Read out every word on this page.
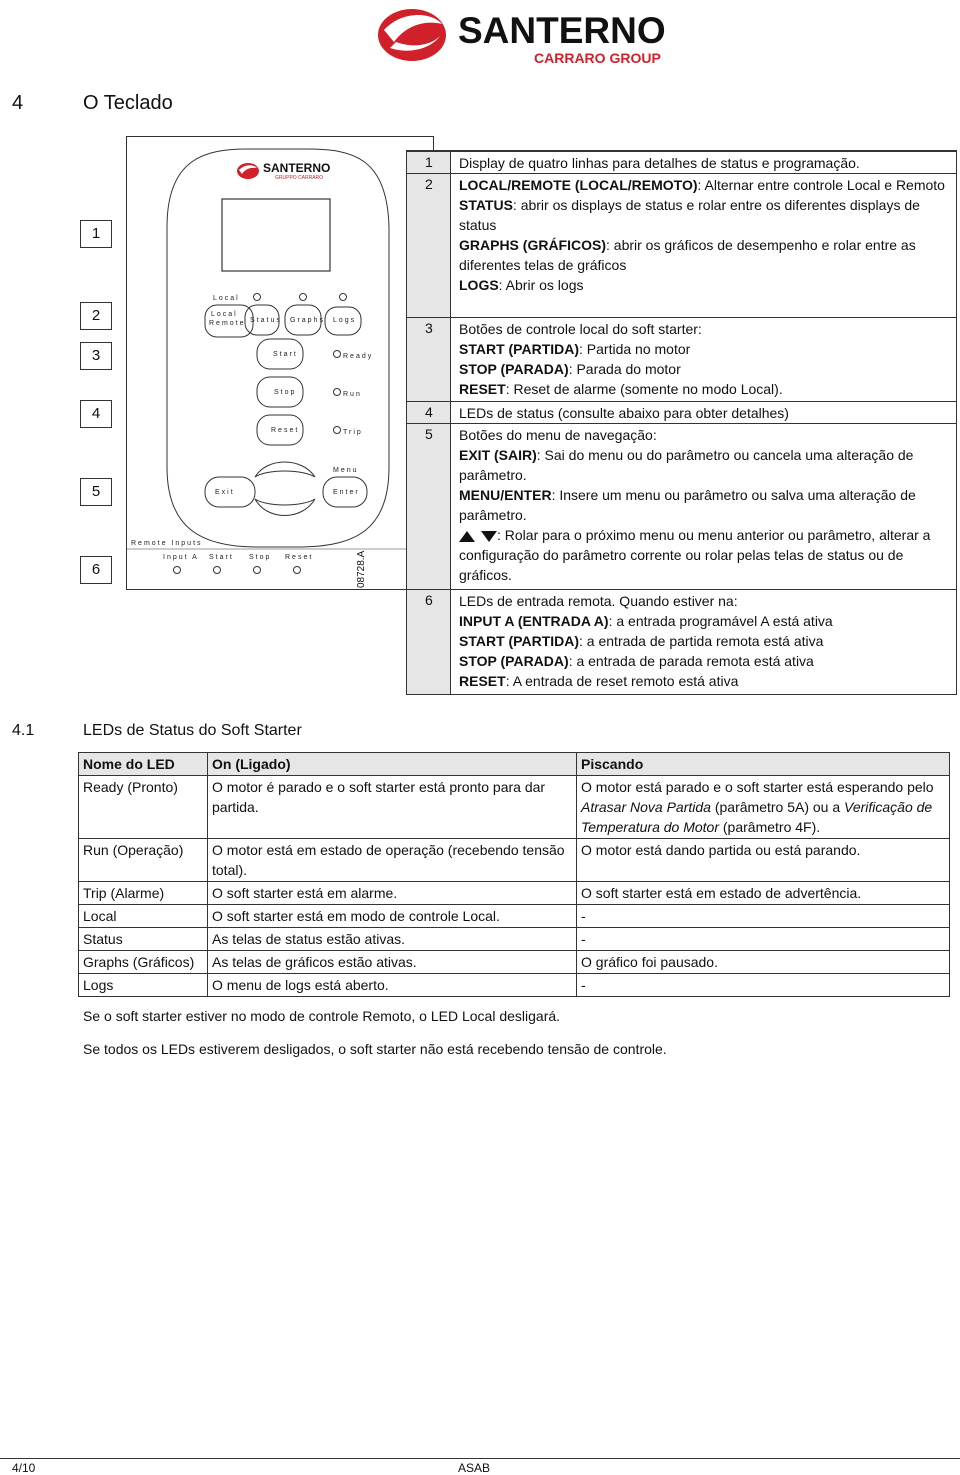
SANTERNO
CARRARO GROUP
4	O Teclado
1
2
3
4
5
6
SANTERNO
GRUPPO CARRARO
Local
Local
Remote Status Graphs Logs
Start	Ready
Stop	Run
Reset	Trip
Menu
Enter
Exit
Remote Inputs
Input A Start Stop Reset	08728.A
1 Display de quatro linhas para detalhes de status e programação.
2 LOCAL/REMOTE (LOCAL/REMOTO): Alternar entre controle Local e Remoto
STATUS: abrir os displays de status e rolar entre os diferentes displays de status
GRAPHS (GRÁFICOS): abrir os gráficos de desempenho e rolar entre as diferentes telas de gráficos
LOGS: Abrir os logs
3 Botões de controle local do soft starter:
START (PARTIDA): Partida no motor
STOP (PARADA): Parada do motor
RESET: Reset de alarme (somente no modo Local).
4 LEDs de status (consulte abaixo para obter detalhes)
5 Botões do menu de navegação:
EXIT (SAIR): Sai do menu ou do parâmetro ou cancela uma alteração de parâmetro.
MENU/ENTER: Insere um menu ou parâmetro ou salva uma alteração de parâmetro.
: Rolar para o próximo menu ou menu anterior ou parâmetro, alterar a configuração do parâmetro corrente ou rolar pelas telas de status ou de gráficos.
6 LEDs de entrada remota. Quando estiver na:
INPUT A (ENTRADA A): a entrada programável A está ativa
START (PARTIDA): a entrada de partida remota está ativa
STOP (PARADA): a entrada de parada remota está ativa
RESET: A entrada de reset remoto está ativa
4.1	LEDs de Status do Soft Starter
Nome do LED	On (Ligado)	Piscando
Ready (Pronto)	O motor é parado e o soft starter está pronto para dar partida.	O motor está parado e o soft starter está esperando pelo Atrasar Nova Partida (parâmetro 5A) ou a Verificação de Temperatura do Motor (parâmetro 4F).
Run (Operação)	O motor está em estado de operação (recebendo tensão total).	O motor está dando partida ou está parando.
Trip (Alarme)	O soft starter está em alarme.	O soft starter está em estado de advertência.
Local	O soft starter está em modo de controle Local.	-
Status	As telas de status estão ativas.	-
Graphs (Gráficos)	As telas de gráficos estão ativas.	O gráfico foi pausado.
Logs	O menu de logs está aberto.	-
Se o soft starter estiver no modo de controle Remoto, o LED Local desligará.
Se todos os LEDs estiverem desligados, o soft starter não está recebendo tensão de controle.
4/10	ASAB
